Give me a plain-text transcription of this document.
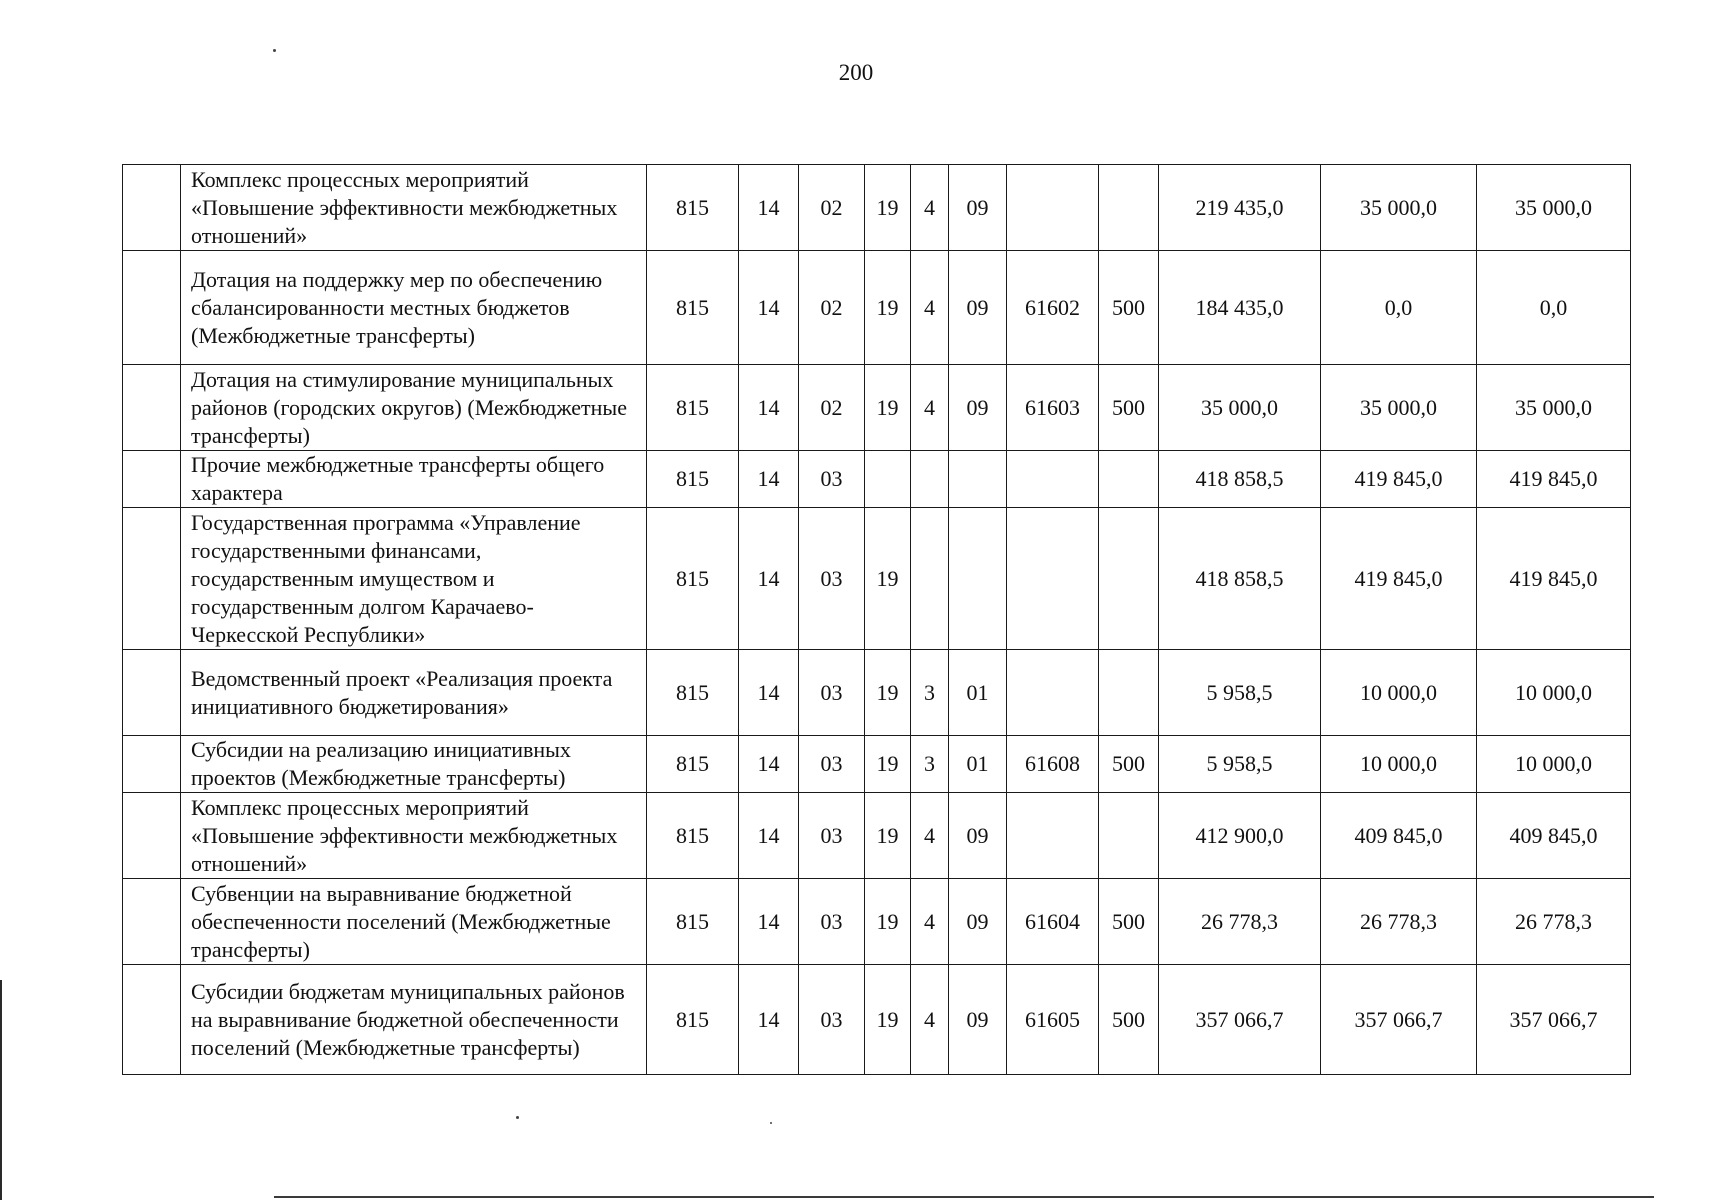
200
	Комплекс процессных мероприятий «Повышение эффективности межбюджетных отношений»	815	14	02	19	4	09			219 435,0	35 000,0	35 000,0
	Дотация на поддержку мер по обеспечению сбалансированности местных бюджетов (Межбюджетные трансферты)	815	14	02	19	4	09	61602	500	184 435,0	0,0	0,0
	Дотация на стимулирование муниципальных районов (городских округов) (Межбюджетные трансферты)	815	14	02	19	4	09	61603	500	35 000,0	35 000,0	35 000,0
	Прочие межбюджетные трансферты общего характера	815	14	03						418 858,5	419 845,0	419 845,0
	Государственная программа «Управление государственными финансами, государственным имуществом и государственным долгом Карачаево-Черкесской Республики»	815	14	03	19					418 858,5	419 845,0	419 845,0
	Ведомственный проект «Реализация проекта инициативного бюджетирования»	815	14	03	19	3	01			5 958,5	10 000,0	10 000,0
	Субсидии на реализацию инициативных проектов (Межбюджетные трансферты)	815	14	03	19	3	01	61608	500	5 958,5	10 000,0	10 000,0
	Комплекс процессных мероприятий «Повышение эффективности межбюджетных отношений»	815	14	03	19	4	09			412 900,0	409 845,0	409 845,0
	Субвенции на выравнивание бюджетной обеспеченности поселений (Межбюджетные трансферты)	815	14	03	19	4	09	61604	500	26 778,3	26 778,3	26 778,3
	Субсидии бюджетам муниципальных районов на выравнивание бюджетной обеспеченности поселений (Межбюджетные трансферты)	815	14	03	19	4	09	61605	500	357 066,7	357 066,7	357 066,7
